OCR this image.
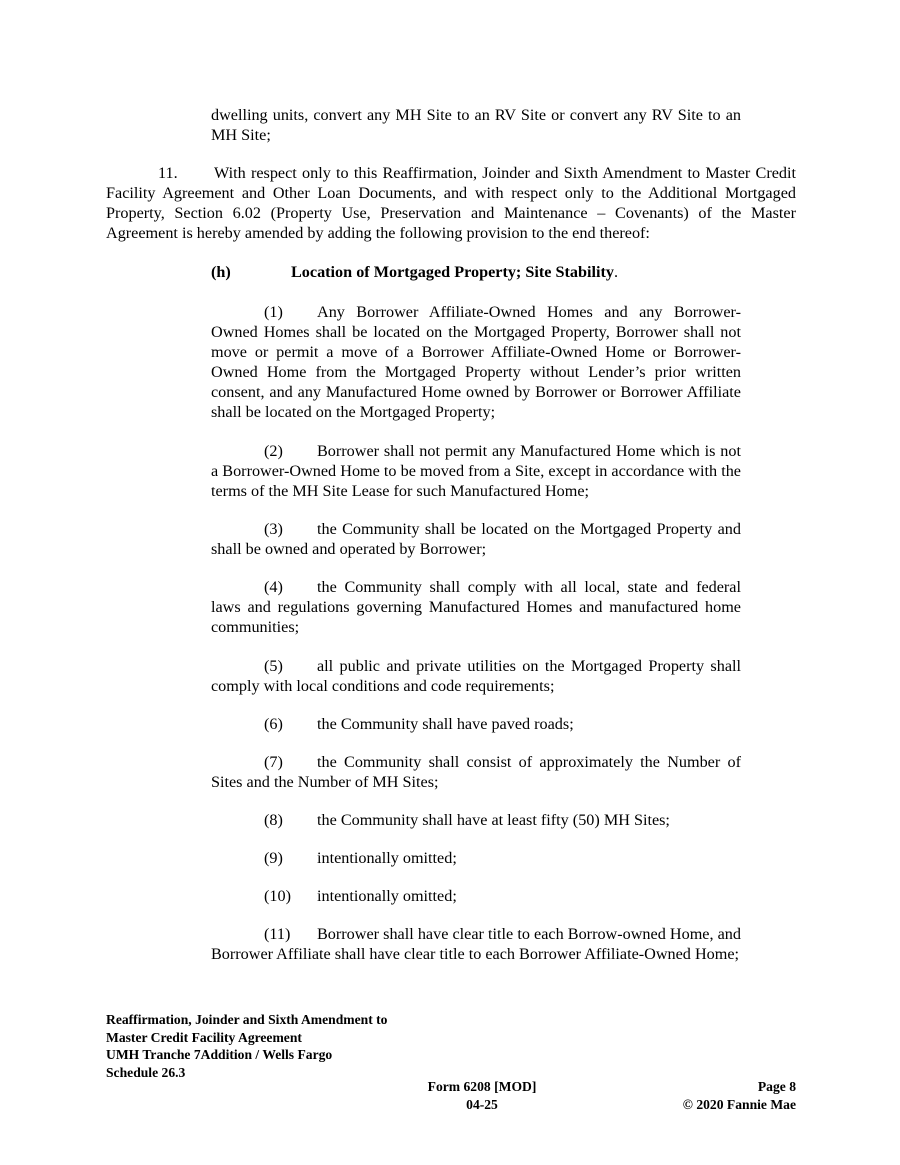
dwelling units, convert any MH Site to an RV Site or convert any RV Site to an MH Site;
11. With respect only to this Reaffirmation, Joinder and Sixth Amendment to Master Credit Facility Agreement and Other Loan Documents, and with respect only to the Additional Mortgaged Property, Section 6.02 (Property Use, Preservation and Maintenance – Covenants) of the Master Agreement is hereby amended by adding the following provision to the end thereof:
(h)	Location of Mortgaged Property; Site Stability.
(1) Any Borrower Affiliate-Owned Homes and any Borrower-Owned Homes shall be located on the Mortgaged Property, Borrower shall not move or permit a move of a Borrower Affiliate-Owned Home or Borrower-Owned Home from the Mortgaged Property without Lender’s prior written consent, and any Manufactured Home owned by Borrower or Borrower Affiliate shall be located on the Mortgaged Property;
(2) Borrower shall not permit any Manufactured Home which is not a Borrower-Owned Home to be moved from a Site, except in accordance with the terms of the MH Site Lease for such Manufactured Home;
(3) the Community shall be located on the Mortgaged Property and shall be owned and operated by Borrower;
(4) the Community shall comply with all local, state and federal laws and regulations governing Manufactured Homes and manufactured home communities;
(5) all public and private utilities on the Mortgaged Property shall comply with local conditions and code requirements;
(6) the Community shall have paved roads;
(7) the Community shall consist of approximately the Number of Sites and the Number of MH Sites;
(8) the Community shall have at least fifty (50) MH Sites;
(9) intentionally omitted;
(10) intentionally omitted;
(11) Borrower shall have clear title to each Borrow-owned Home, and Borrower Affiliate shall have clear title to each Borrower Affiliate-Owned Home;
Reaffirmation, Joinder and Sixth Amendment to
Master Credit Facility Agreement
UMH Tranche 7Addition / Wells Fargo
Schedule 26.3
Form 6208 [MOD]
04-25
Page 8
© 2020 Fannie Mae
